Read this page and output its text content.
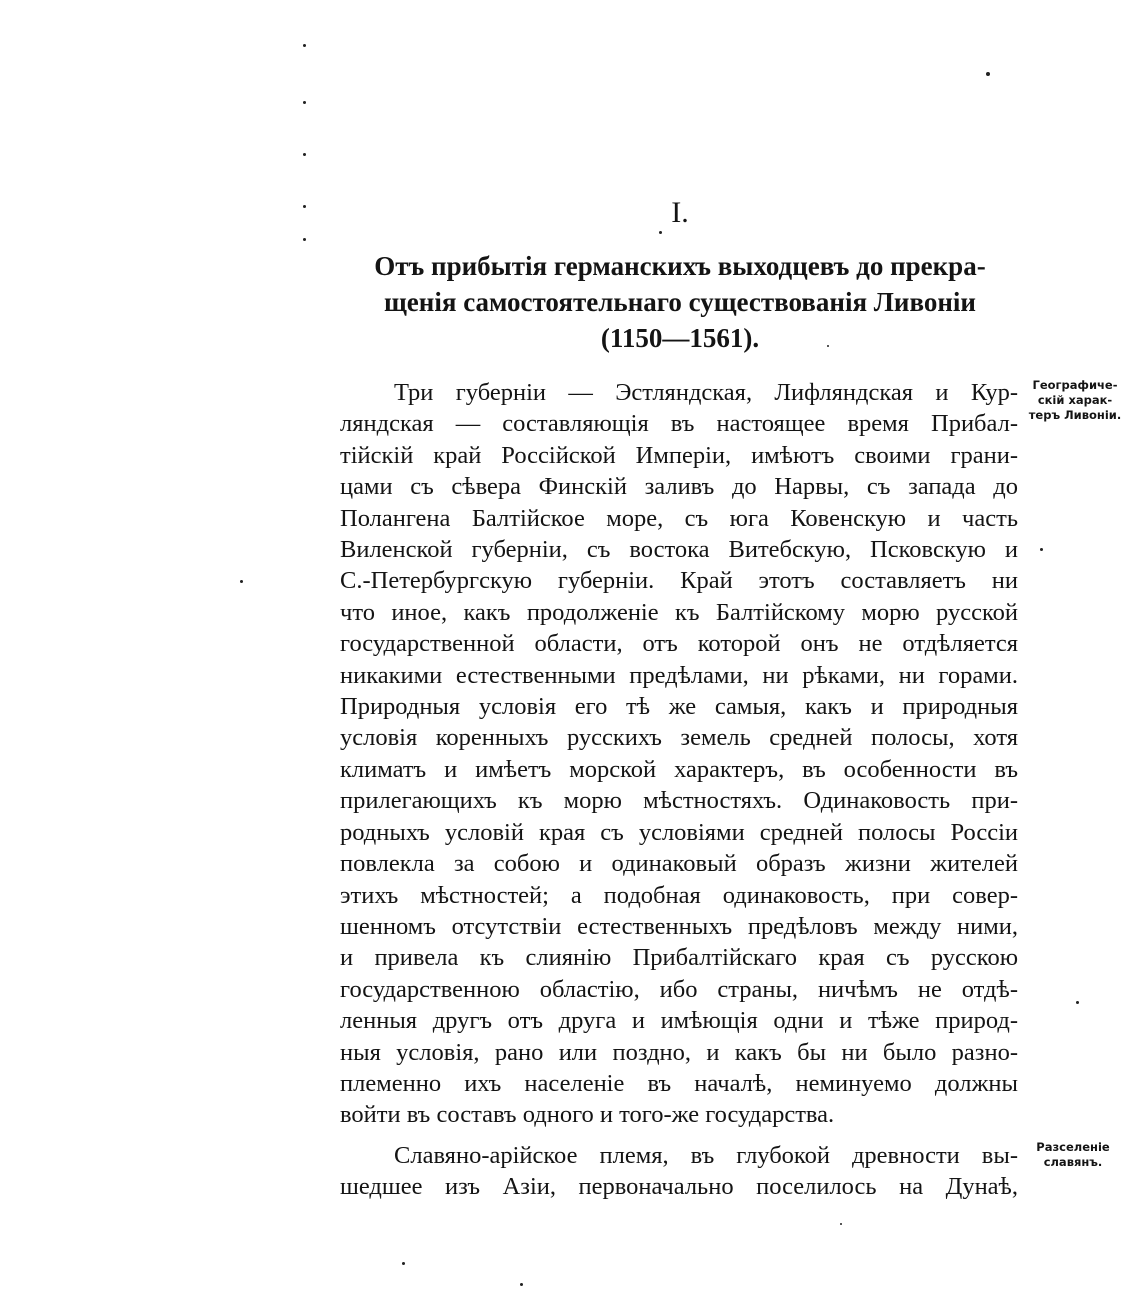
I.
Отъ прибытія германскихъ выходцевъ до прекра-
щенія самостоятельнаго существованія Ливоніи
(1150—1561).
Три губерніи — Эстляндская, Лифляндская и Кур-
ляндская — составляющія въ настоящее время Прибал-
тійскій край Россійской Имперіи, имѣютъ своими грани-
цами съ сѣвера Финскій заливъ до Нарвы, съ запада до
Полангена Балтійское море, съ юга Ковенскую и часть
Виленской губерніи, съ востока Витебскую, Псковскую и
С.-Петербургскую губерніи. Край этотъ составляетъ ни
что иное, какъ продолженіе къ Балтійскому морю русской
государственной области, отъ которой онъ не отдѣляется
никакими естественными предѣлами, ни рѣками, ни горами.
Природныя условія его тѣ же самыя, какъ и природныя
условія коренныхъ русскихъ земель средней полосы, хотя
климатъ и имѣетъ морской характеръ, въ особенности въ
прилегающихъ къ морю мѣстностяхъ. Одинаковость при-
родныхъ условій края съ условіями средней полосы Россіи
повлекла за собою и одинаковый образъ жизни жителей
этихъ мѣстностей; а подобная одинаковость, при совер-
шенномъ отсутствіи естественныхъ предѣловъ между ними,
и привела къ слиянію Прибалтійскаго края съ русскою
государственною областію, ибо страны, ничѣмъ не отдѣ-
ленныя другъ отъ друга и имѣющія одни и тѣже природ-
ныя условія, рано или поздно, и какъ бы ни было разно-
племенно ихъ населеніе въ началѣ, неминуемо должны
войти въ составъ одного и того-же государства.
Славяно-арійское племя, въ глубокой древности вы-
шедшее изъ Азіи, первоначально поселилось на Дунаѣ,
Географиче-
скій харак-
теръ Ливоніи.
Разселеніе
славянъ.
